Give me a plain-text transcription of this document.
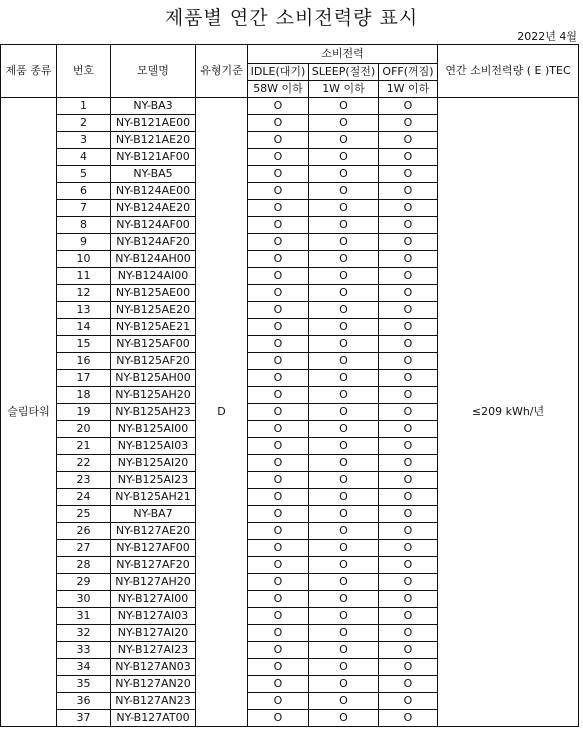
제품별 연간 소비전력량 표시
2022년 4월
제품 종류	번호	모델명	유형기준	소비전력			연간 소비전력량 ( E )TEC
				IDLE(대기)	SLEEP(절전)	OFF(꺼짐)	
				58W 이하	1W 이하	1W 이하	
슬림타워	1	NY-BA3	D	O	O	O	≤209 kWh/년
	2	NY-B121AE00		O	O	O	
	3	NY-B121AE20		O	O	O	
	4	NY-B121AF00		O	O	O	
	5	NY-BA5		O	O	O	
	6	NY-B124AE00		O	O	O	
	7	NY-B124AE20		O	O	O	
	8	NY-B124AF00		O	O	O	
	9	NY-B124AF20		O	O	O	
	10	NY-B124AH00		O	O	O	
	11	NY-B124AI00		O	O	O	
	12	NY-B125AE00		O	O	O	
	13	NY-B125AE20		O	O	O	
	14	NY-B125AE21		O	O	O	
	15	NY-B125AF00		O	O	O	
	16	NY-B125AF20		O	O	O	
	17	NY-B125AH00		O	O	O	
	18	NY-B125AH20		O	O	O	
	19	NY-B125AH23		O	O	O	
	20	NY-B125AI00		O	O	O	
	21	NY-B125AI03		O	O	O	
	22	NY-B125AI20		O	O	O	
	23	NY-B125AI23		O	O	O	
	24	NY-B125AH21		O	O	O	
	25	NY-BA7		O	O	O	
	26	NY-B127AE20		O	O	O	
	27	NY-B127AF00		O	O	O	
	28	NY-B127AF20		O	O	O	
	29	NY-B127AH20		O	O	O	
	30	NY-B127AI00		O	O	O	
	31	NY-B127AI03		O	O	O	
	32	NY-B127AI20		O	O	O	
	33	NY-B127AI23		O	O	O	
	34	NY-B127AN03		O	O	O	
	35	NY-B127AN20		O	O	O	
	36	NY-B127AN23		O	O	O	
	37	NY-B127AT00		O	O	O	
